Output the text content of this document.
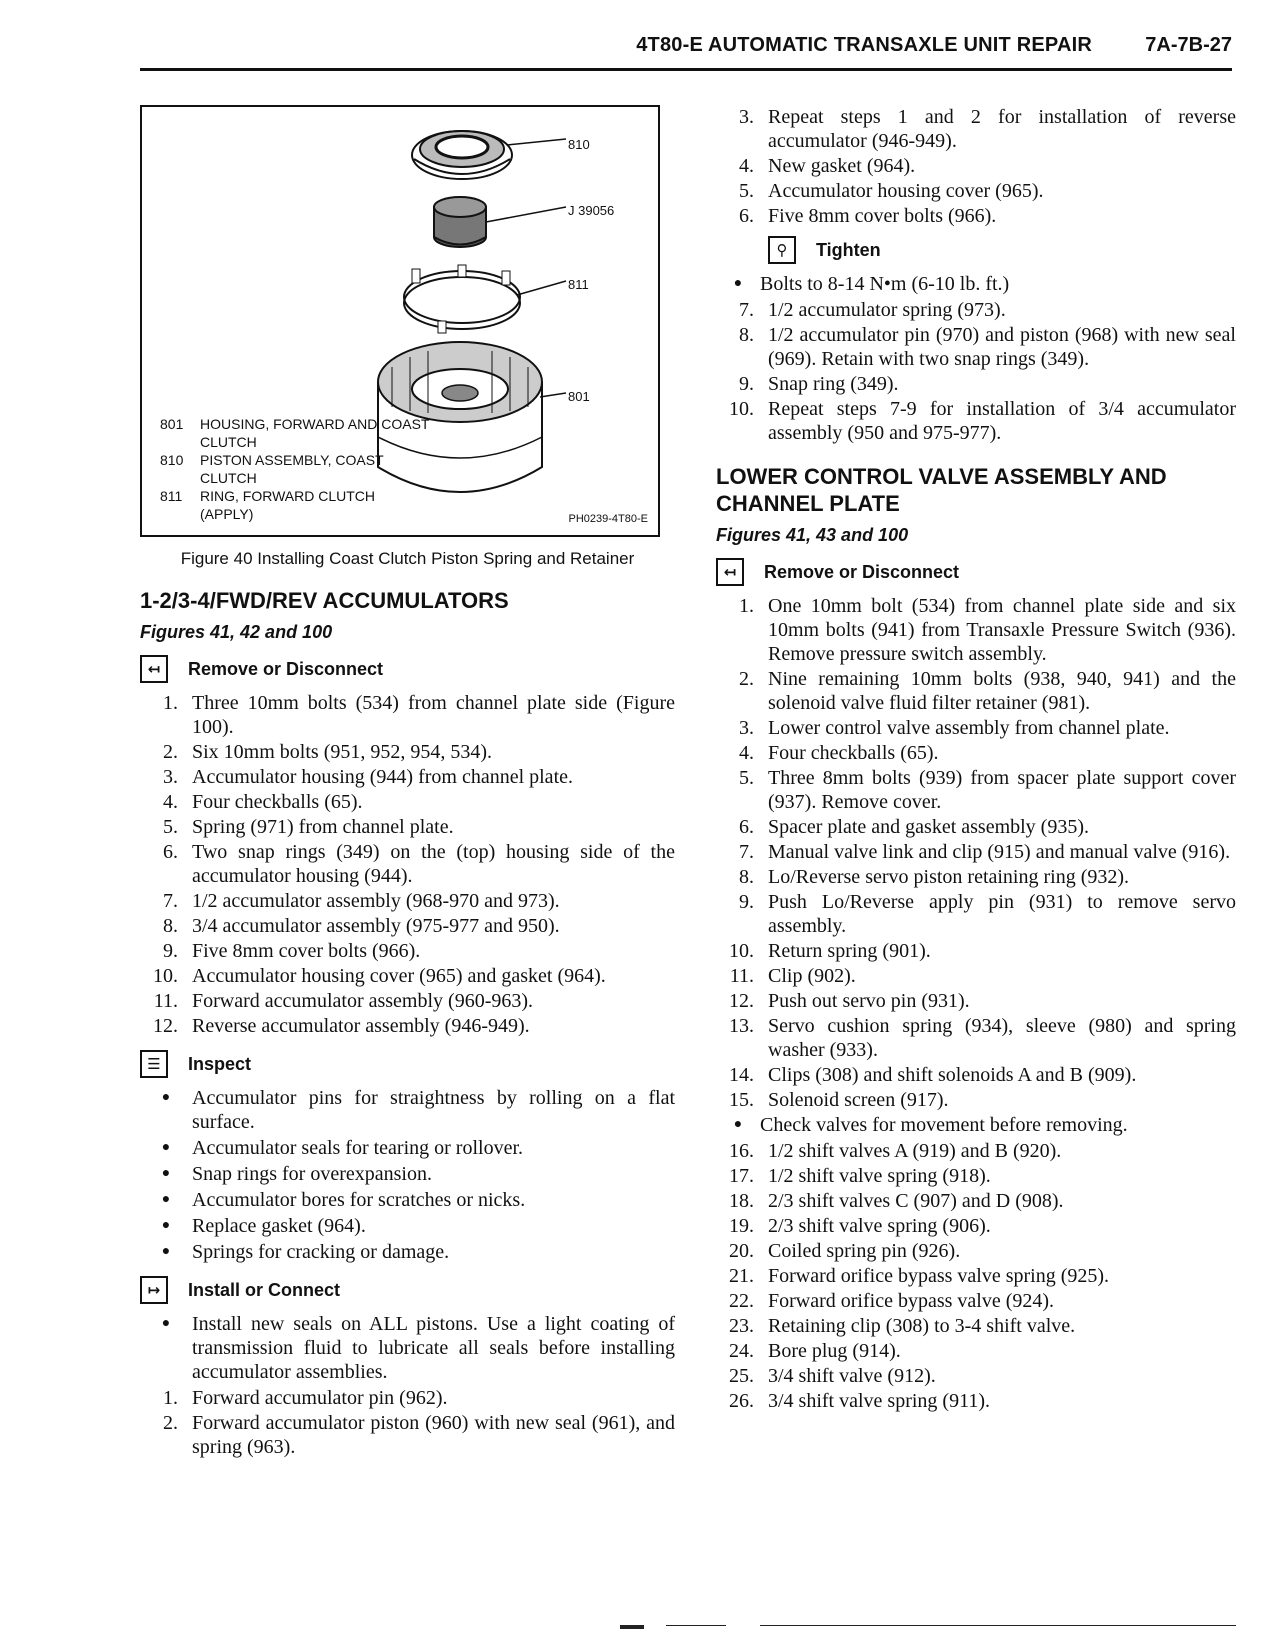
4T80-E AUTOMATIC TRANSAXLE UNIT REPAIR	7A-7B-27
810
J 39056
811
801
801	HOUSING, FORWARD AND COAST CLUTCH
810	PISTON ASSEMBLY, COAST CLUTCH
811	RING, FORWARD CLUTCH (APPLY)	PH0239-4T80-E
Figure 40 Installing Coast Clutch Piston Spring and Retainer
1-2/3-4/FWD/REV ACCUMULATORS
Figures 41, 42 and 100
↤	Remove or Disconnect
1. Three 10mm bolts (534) from channel plate side (Figure 100).
2. Six 10mm bolts (951, 952, 954, 534).
3. Accumulator housing (944) from channel plate.
4. Four checkballs (65).
5. Spring (971) from channel plate.
6. Two snap rings (349) on the (top) housing side of the accumulator housing (944).
7. 1/2 accumulator assembly (968-970 and 973).
8. 3/4 accumulator assembly (975-977 and 950).
9. Five 8mm cover bolts (966).
10. Accumulator housing cover (965) and gasket (964).
11. Forward accumulator assembly (960-963).
12. Reverse accumulator assembly (946-949).
☰	Inspect
●	Accumulator pins for straightness by rolling on a flat surface.
●	Accumulator seals for tearing or rollover.
●	Snap rings for overexpansion.
●	Accumulator bores for scratches or nicks.
●	Replace gasket (964).
●	Springs for cracking or damage.
↦	Install or Connect
●	Install new seals on ALL pistons. Use a light coating of transmission fluid to lubricate all seals before installing accumulator assemblies.
1. Forward accumulator pin (962).
2. Forward accumulator piston (960) with new seal (961), and spring (963).
3. Repeat steps 1 and 2 for installation of reverse accumulator (946-949).
4. New gasket (964).
5. Accumulator housing cover (965).
6. Five 8mm cover bolts (966).
⚲	Tighten
● Bolts to 8-14 N•m (6-10 lb. ft.)
7. 1/2 accumulator spring (973).
8. 1/2 accumulator pin (970) and piston (968) with new seal (969). Retain with two snap rings (349).
9. Snap ring (349).
10. Repeat steps 7-9 for installation of 3/4 accumulator assembly (950 and 975-977).
LOWER CONTROL VALVE ASSEMBLY AND CHANNEL PLATE
Figures 41, 43 and 100
↤	Remove or Disconnect
1. One 10mm bolt (534) from channel plate side and six 10mm bolts (941) from Transaxle Pressure Switch (936). Remove pressure switch assembly.
2. Nine remaining 10mm bolts (938, 940, 941) and the solenoid valve fluid filter retainer (981).
3. Lower control valve assembly from channel plate.
4. Four checkballs (65).
5. Three 8mm bolts (939) from spacer plate support cover (937). Remove cover.
6. Spacer plate and gasket assembly (935).
7. Manual valve link and clip (915) and manual valve (916).
8. Lo/Reverse servo piston retaining ring (932).
9. Push Lo/Reverse apply pin (931) to remove servo assembly.
10. Return spring (901).
11. Clip (902).
12. Push out servo pin (931).
13. Servo cushion spring (934), sleeve (980) and spring washer (933).
14. Clips (308) and shift solenoids A and B (909).
15. Solenoid screen (917).
● Check valves for movement before removing.
16. 1/2 shift valves A (919) and B (920).
17. 1/2 shift valve spring (918).
18. 2/3 shift valves C (907) and D (908).
19. 2/3 shift valve spring (906).
20. Coiled spring pin (926).
21. Forward orifice bypass valve spring (925).
22. Forward orifice bypass valve (924).
23. Retaining clip (308) to 3-4 shift valve.
24. Bore plug (914).
25. 3/4 shift valve (912).
26. 3/4 shift valve spring (911).
